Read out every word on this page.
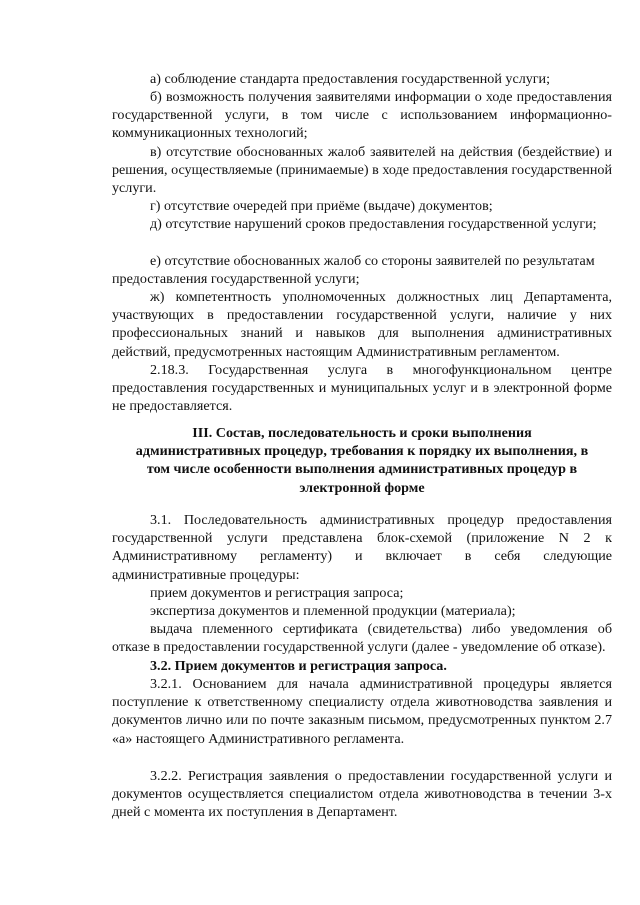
а) соблюдение стандарта предоставления государственной услуги;

б) возможность получения заявителями информации о ходе предоставления государственной услуги, в том числе с использованием информационно-коммуникационных технологий;

в) отсутствие обоснованных жалоб заявителей на действия (бездействие) и решения, осуществляемые (принимаемые) в ходе предоставления государственной услуги.

г) отсутствие очередей при приёме (выдаче) документов;

д) отсутствие нарушений сроков предоставления государственной услуги;

е) отсутствие обоснованных жалоб со стороны заявителей по результатам предоставления государственной услуги;

ж) компетентность уполномоченных должностных лиц Департамента, участвующих в предоставлении государственной услуги, наличие у них профессиональных знаний и навыков для выполнения административных действий, предусмотренных настоящим Административным регламентом.

2.18.3. Государственная услуга в многофункциональном центре предоставления государственных и муниципальных услуг и в электронной форме не предоставляется.

III. Состав, последовательность и сроки выполнения административных процедур, требования к порядку их выполнения, в том числе особенности выполнения административных процедур в электронной форме

3.1. Последовательность административных процедур предоставления государственной услуги представлена блок-схемой (приложение N 2 к Административному регламенту) и включает в себя следующие административные процедуры:

прием документов и регистрация запроса;

экспертиза документов и племенной продукции (материала);

выдача племенного сертификата (свидетельства) либо уведомления об отказе в предоставлении государственной услуги (далее - уведомление об отказе).

3.2. Прием документов и регистрация запроса.

3.2.1. Основанием для начала административной процедуры является поступление к ответственному специалисту отдела животноводства заявления и документов лично или по почте заказным письмом, предусмотренных пунктом 2.7 «а» настоящего Административного регламента.

3.2.2. Регистрация заявления о предоставлении государственной услуги и документов осуществляется специалистом отдела животноводства в течении 3-х дней с момента их поступления в Департамент.
